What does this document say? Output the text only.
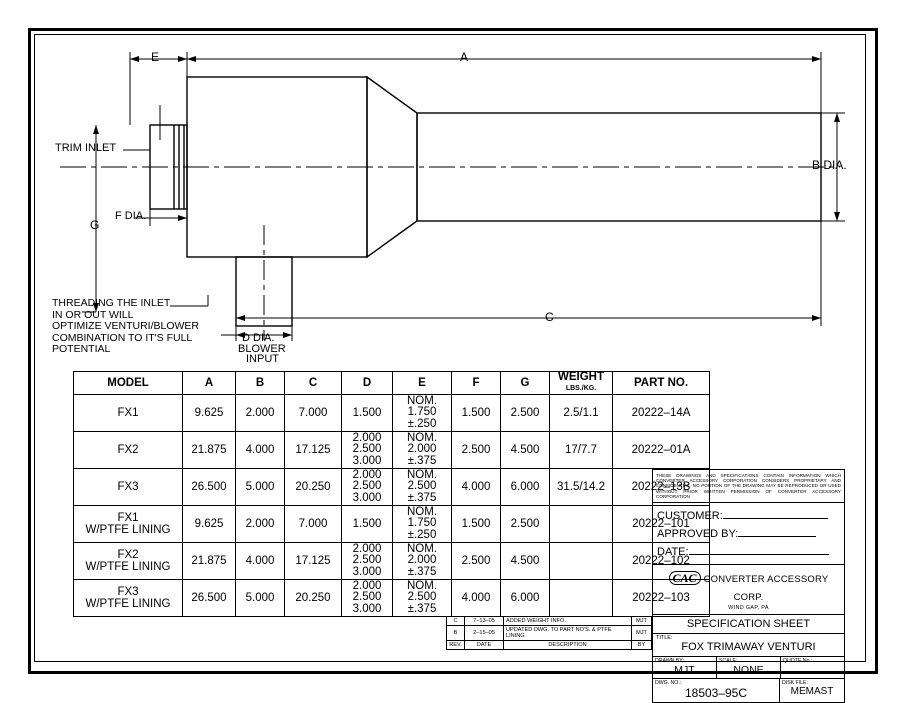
A
E
B DIA.
C
D DIA.
F DIA.
G
TRIM INLET
BLOWER
INPUT
THREADING THE INLET
IN OR OUT WILL
OPTIMIZE VENTURI/BLOWER
COMBINATION TO IT'S FULL
POTENTIAL
MODEL	A	B	C	D	E	F	G	WEIGHT
LBS./KG.	PART NO.
FX1	9.625	2.000	7.000	1.500	NOM.
1.750
±.250	1.500	2.500	2.5/1.1	20222–14A
FX2	21.875	4.000	17.125	2.000
2.500
3.000	NOM.
2.000
±.375	2.500	4.500	17/7.7	20222–01A
FX3	26.500	5.000	20.250	2.000
2.500
3.000	NOM.
2.500
±.375	4.000	6.000	31.5/14.2	20222–13B
FX1
W/PTFE LINING	9.625	2.000	7.000	1.500	NOM.
1.750
±.250	1.500	2.500		20222–101
FX2
W/PTFE LINING	21.875	4.000	17.125	2.000
2.500
3.000	NOM.
2.000
±.375	2.500	4.500		20222–102
FX3
W/PTFE LINING	26.500	5.000	20.250	2.000
2.500
3.000	NOM.
2.500
±.375	4.000	6.000		20222–103
THESE DRAWINGS AND SPECIFICATIONS CONTAIN INFORMATION WHICH CONVERTER ACCESSORY CORPORATION CONSIDERS PROPRIETARY AND CONFIDENTIAL. NO PORTION OF THE DRAWING MAY BE REPRODUCED OR USED WITHOUT PRIOR WRITTEN PERMISSION OF CONVERTER ACCESSORY CORPORATION
CUSTOMER:
APPROVED BY:
DATE:
CAC CONVERTER ACCESSORY CORP.
WIND GAP, PA
SPECIFICATION SHEET
TITLE:
FOX TRIMAWAY VENTURI
DRAWN BY:
MJT
SCALE:
NONE
QUOTE No.:
DWG. NO.:
18503–95C
DISK FILE:
MEMAST
C	7–13–05	ADDED WEIGHT INFO.	MJT
B	2–15–05	UPDATED DWG. TO PART NO'S. & PTFE LINING	MJT
REV.	DATE	DESCRIPTION	BY
